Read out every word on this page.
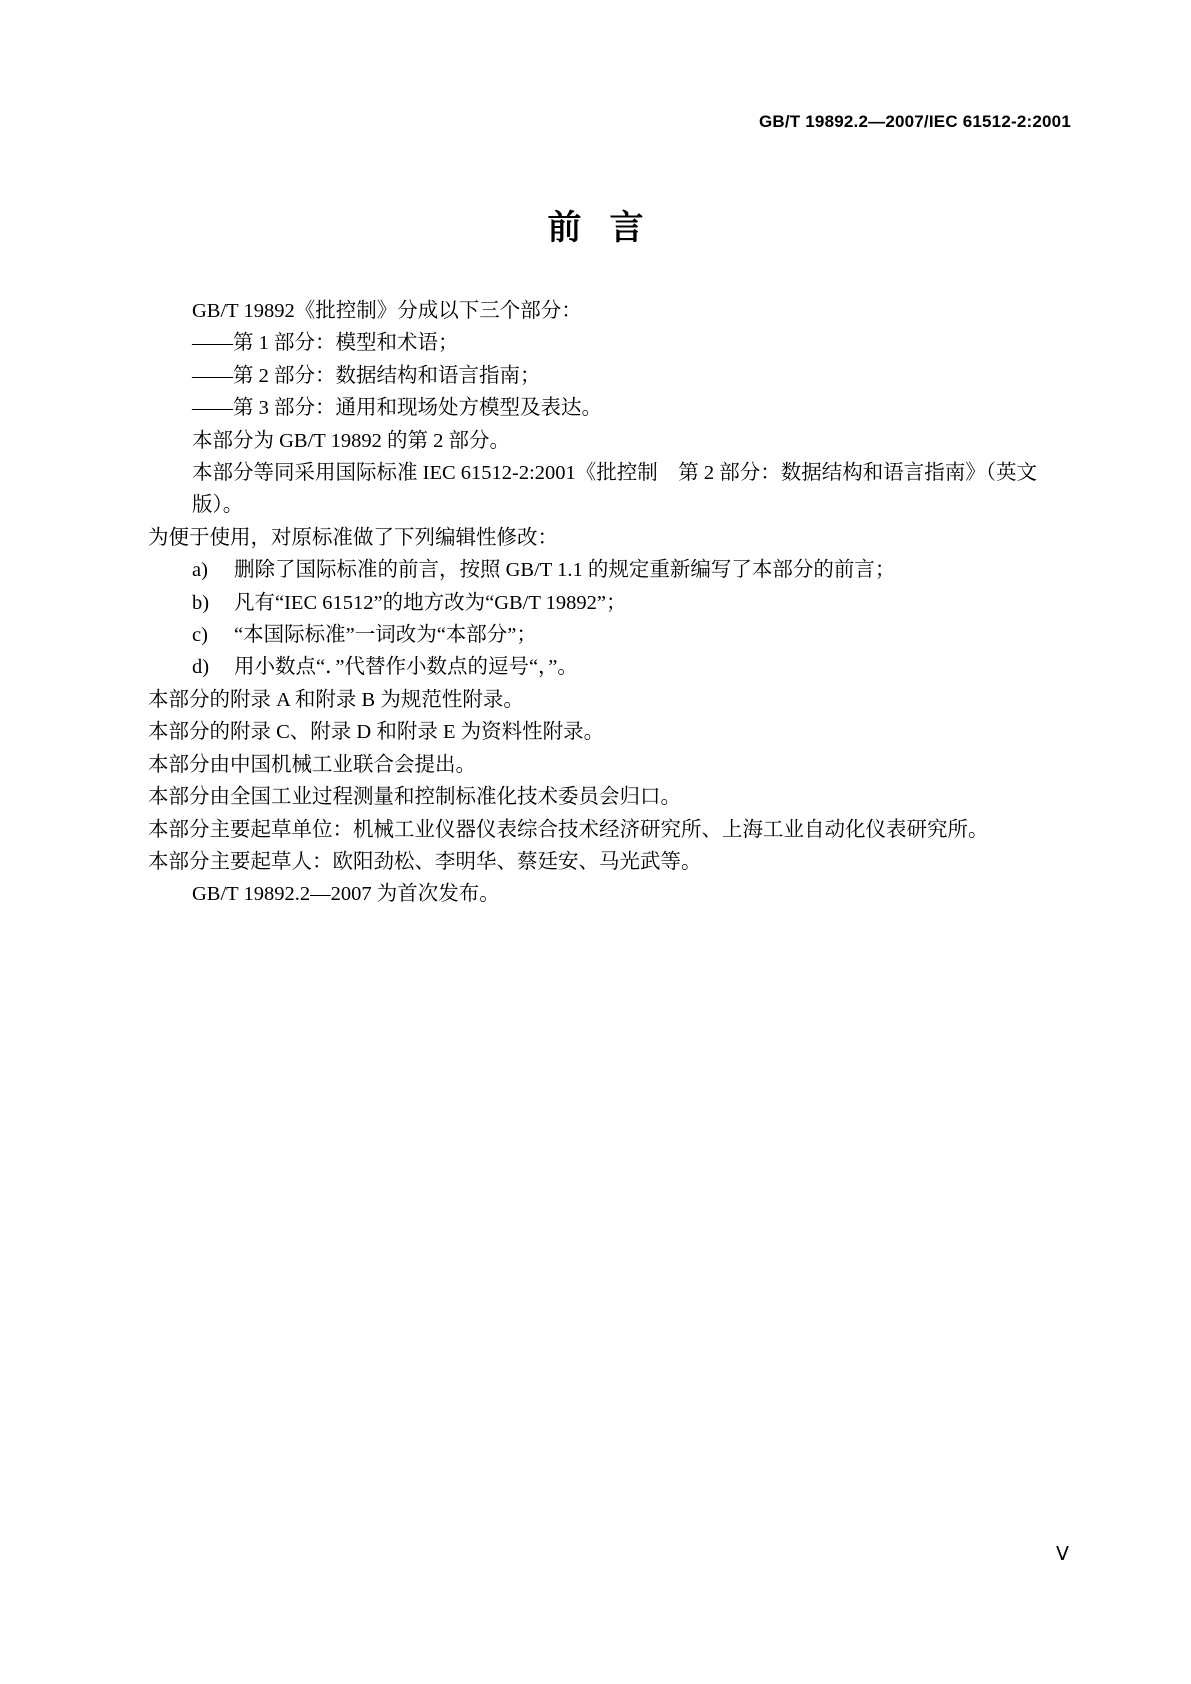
GB/T 19892.2—2007/IEC 61512-2:2001
前言

GB/T 19892《批控制》分成以下三个部分：

——第 1 部分：模型和术语；

——第 2 部分：数据结构和语言指南；

——第 3 部分：通用和现场处方模型及表达。

本部分为 GB/T 19892 的第 2 部分。

本部分等同采用国际标准 IEC 61512-2:2001《批控制　第 2 部分：数据结构和语言指南》（英文版）。

为便于使用，对原标准做了下列编辑性修改：

a) 删除了国际标准的前言，按照 GB/T 1.1 的规定重新编写了本部分的前言；

b) 凡有“IEC 61512”的地方改为“GB/T 19892”；

c) “本国际标准”一词改为“本部分”；

d) 用小数点“．”代替作小数点的逗号“，”。

本部分的附录 A 和附录 B 为规范性附录。

本部分的附录 C、附录 D 和附录 E 为资料性附录。

本部分由中国机械工业联合会提出。

本部分由全国工业过程测量和控制标准化技术委员会归口。

本部分主要起草单位：机械工业仪器仪表综合技术经济研究所、上海工业自动化仪表研究所。

本部分主要起草人：欧阳劲松、李明华、蔡廷安、马光武等。

GB/T 19892.2—2007 为首次发布。

Ⅴ
